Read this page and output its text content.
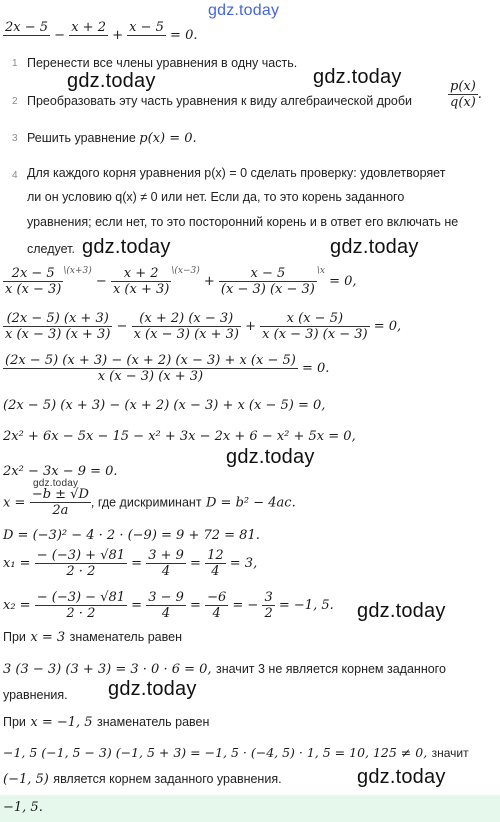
gdz.today
2x − 5

−
x + 2

+
x − 5

= 0.
1 Перенести все члены уравнения в одну часть.
gdz.today	gdz.today
2 Преобразовать эту часть уравнения к виду алгебраической дроби	$\frac{p(x)}{q(x)}$ .
3 Решить уравнение p(x) = 0.
4 Для каждого корня уравнения p(x) = 0 сделать проверку: удовлетворяет
ли он условию q(x) ≠ 0 или нет. Если да, то это корень заданного
уравнения; если нет, то это посторонний корень и в ответ его включать не
следует. gdz.today	gdz.today
$\frac{2x - 5}{x (x - 3)} ^{\backslash(x+3)} - \frac{x + 2}{x (x + 3)} ^{\backslash(x-3)} + \frac{x - 5}{(x - 3) (x - 3)} ^{\backslash x} = 0$,
$\frac{(2x - 5) (x + 3)}{x (x - 3) (x + 3)} - \frac{(x + 2) (x - 3)}{x (x - 3) (x + 3)} + \frac{x (x - 5)}{x (x - 3) (x - 3)} = 0$,
$\frac{(2x - 5) (x + 3) - (x + 2) (x - 3) + x (x - 5)}{x (x - 3) (x + 3)} = 0$.
(2x − 5) (x + 3) − (x + 2) (x − 3) + x (x − 5) = 0,
2x² + 6x − 5x − 15 − x² + 3x − 2x + 6 − x² + 5x = 0,
gdz.today
2x² − 3x − 9 = 0.
gdz.today
$x = \frac{-b \pm √D}{2a}$ , где дискриминант D = b² − 4ac.
D = (−3)² − 4 · 2 · (−9) = 9 + 72 = 81.
$x_1 = \frac{- (-3) + √81}{2 \cdot 2} = \frac{3 + 9}{4} = \frac{12}{4} = 3$,
$x_2 = \frac{- (-3) - √81}{2 \cdot 2} = \frac{3 - 9}{4} = \frac{-6}{4}$ = − $\frac{3}{2} = -1$, 5. gdz.today
При x = 3 знаменатель равен
3 (3 − 3) (3 + 3) = 3 · 0 · 6 = 0, значит 3 не является корнем заданного
уравнения. gdz.today
При x = −1, 5 знаменатель равен
−1, 5 (−1, 5 − 3) (−1, 5 + 3) = −1, 5 · (−4, 5) · 1, 5 = 10, 125 ≠ 0, значит
(−1, 5) является корнем заданного уравнения.	gdz.today
−1, 5.
